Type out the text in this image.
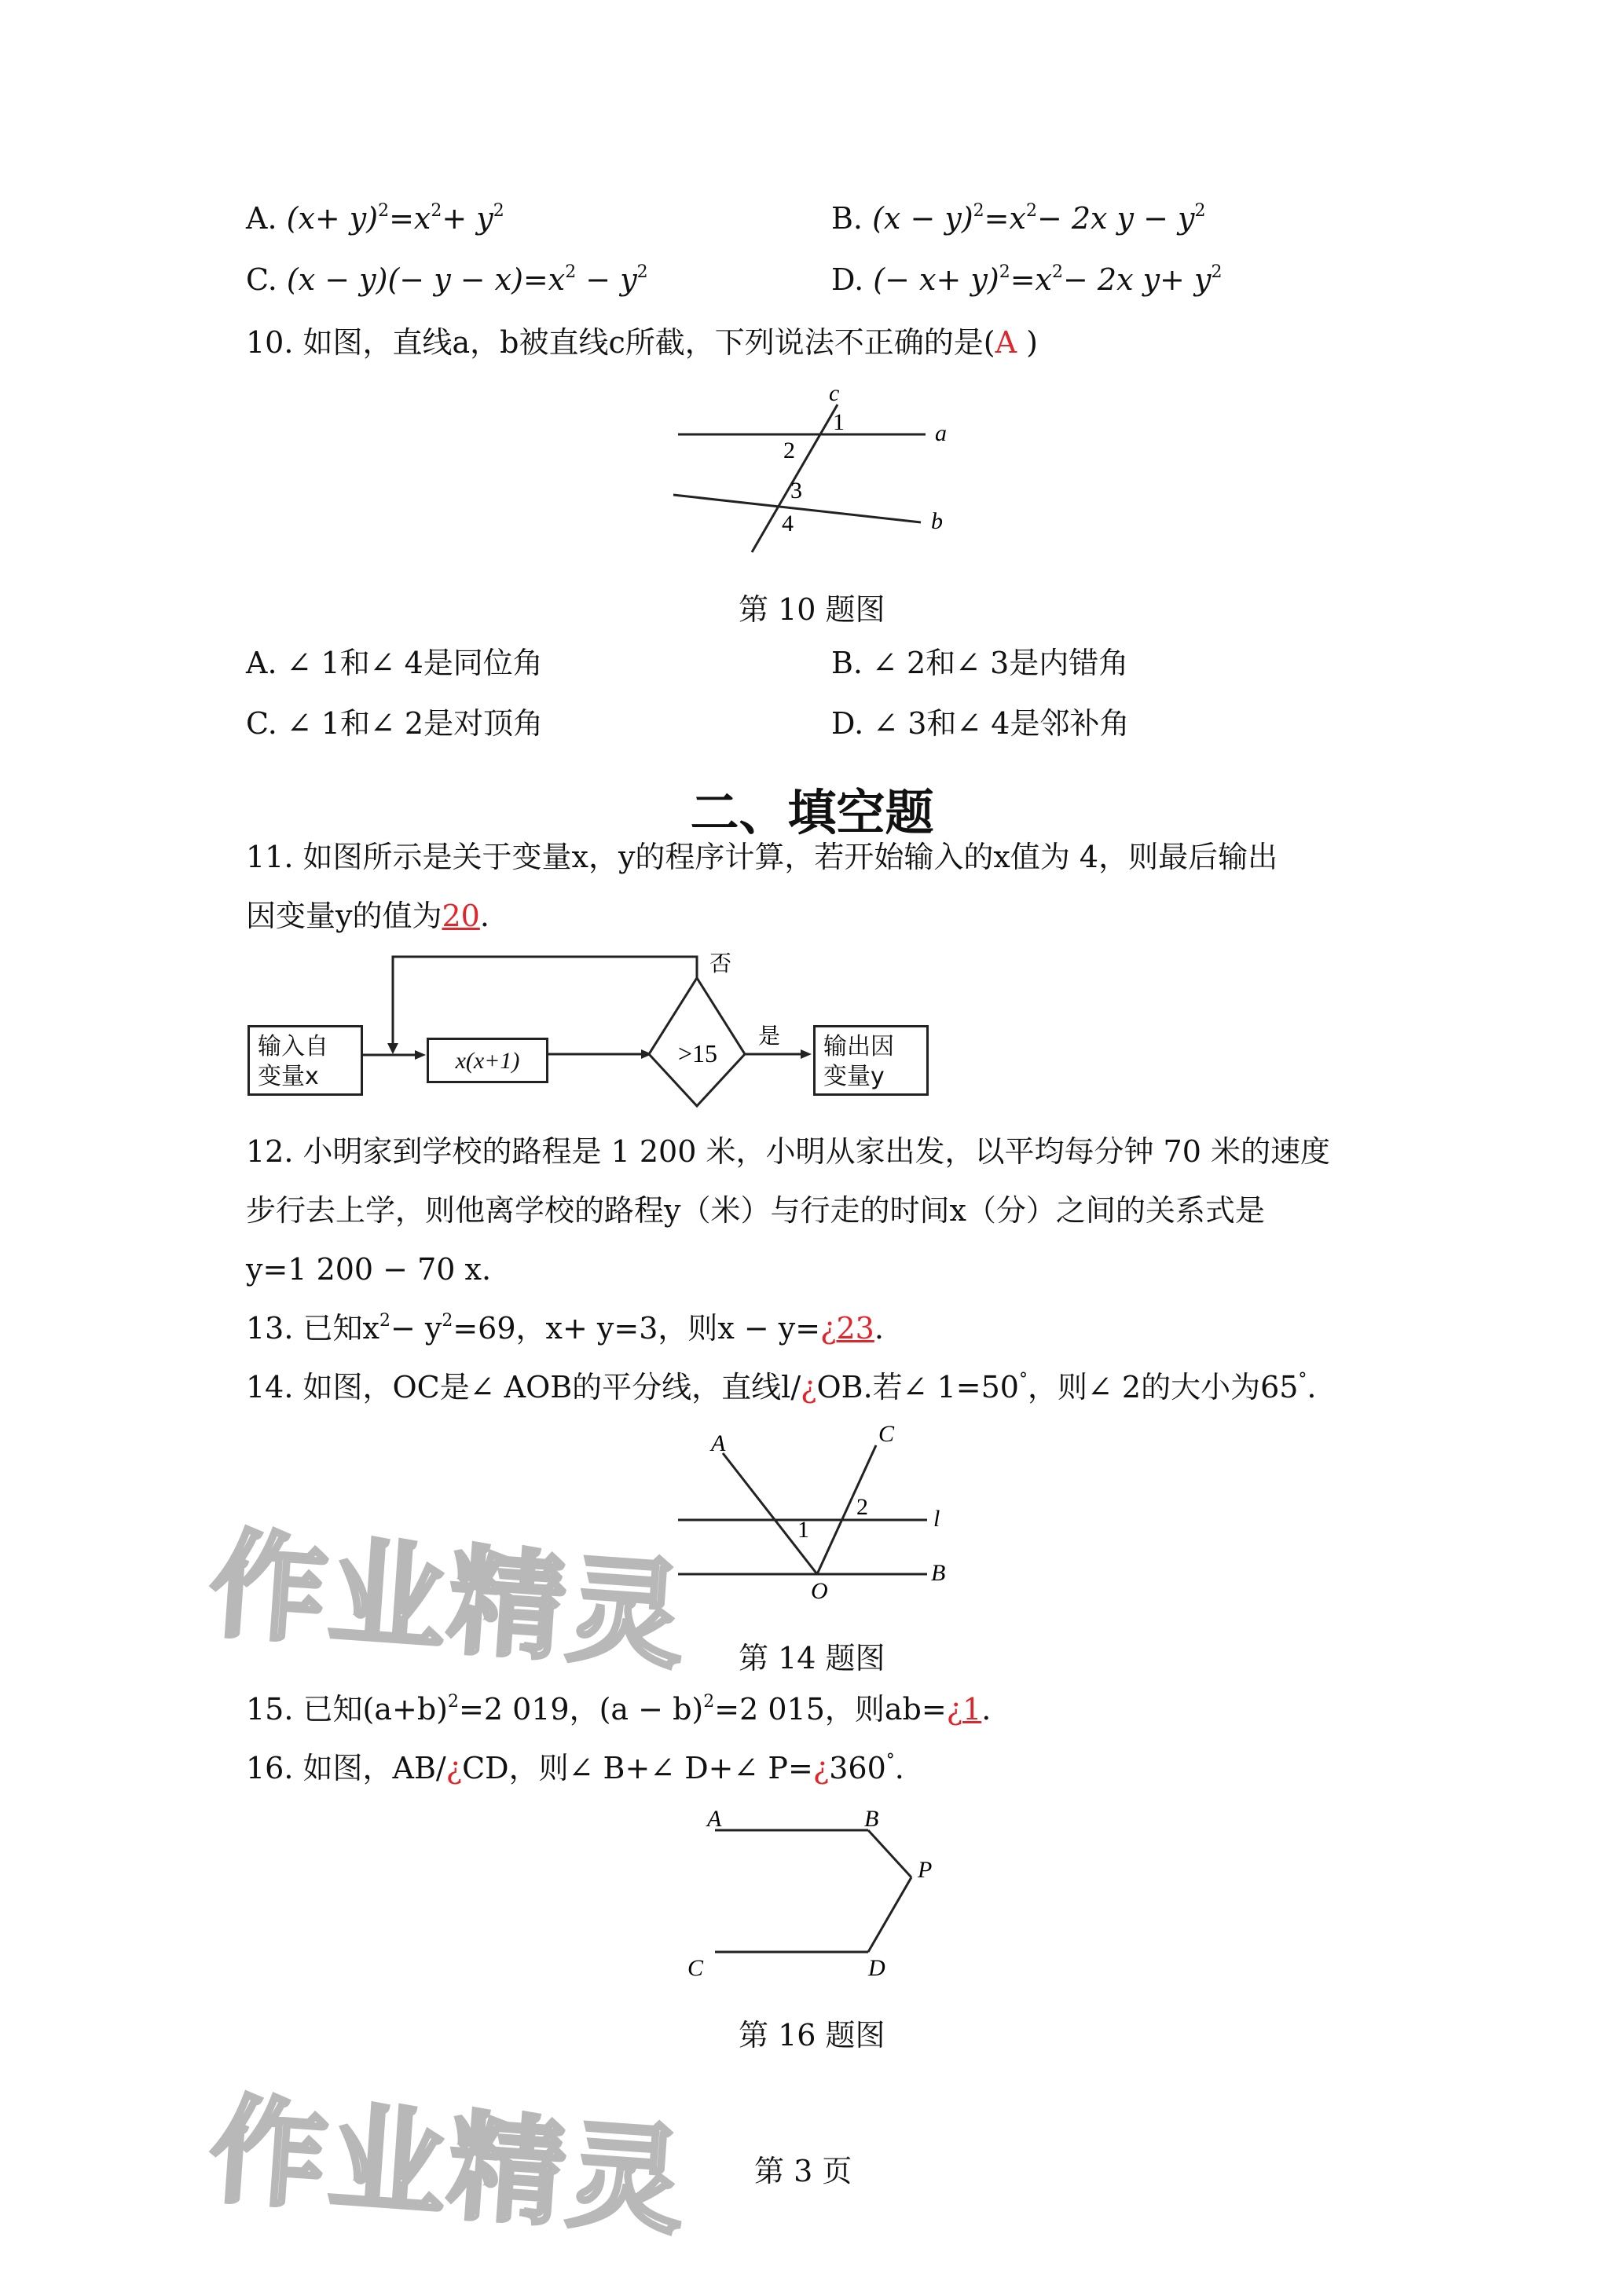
A. $(x+ y)^2=x^2+ y^2$	B. $(x - y)^2=x^2- 2x$ $y - y^2$
C. $(x - y)(- y - x)=x^2 - y^2$	D. (− $x+ y)^2=x^2- 2x$ $y+ y^2$
10. 如图，直线a，b被直线c所截，下列说法不正确的是(A )
c
a
b
1
2
3
4
第 10 题图
A. ∠ 1和∠ 4是同位角	B. ∠ 2和∠ 3是内错角
C. ∠ 1和∠ 2是对顶角	D. ∠ 3和∠ 4是邻补角
二、填空题
11. 如图所示是关于变量x，y的程序计算，若开始输入的x值为 4，则最后输出
因变量y的值为20.
>15
否
是
输入自
变量x
x(x+1)
输出因
变量y
12. 小明家到学校的路程是 1 200 米，小明从家出发，以平均每分钟 70 米的速度
步行去上学，则他离学校的路程y（米）与行走的时间x（分）之间的关系式是
y=1 200 − 70 x.
13. 已知$x^2- y^2=69$，x+ y=3，则x − y=¿23.
14. 如图，OC是∠ AOB的平分线，直线l/¿OB.若∠ 1=50°，则∠ 2的大小为65°.
A	C
l
B
O
1
2
第 14 题图
15. 已知$(a+b)^2=2$ 019，$(a - b)^2=2$ 015，则ab=¿1.
16. 如图，AB/¿CD，则∠ B+∠ D+∠ P=¿360°.
A	B
P
C	D
第 16 题图
作业精灵
作业精灵 第 3 页
